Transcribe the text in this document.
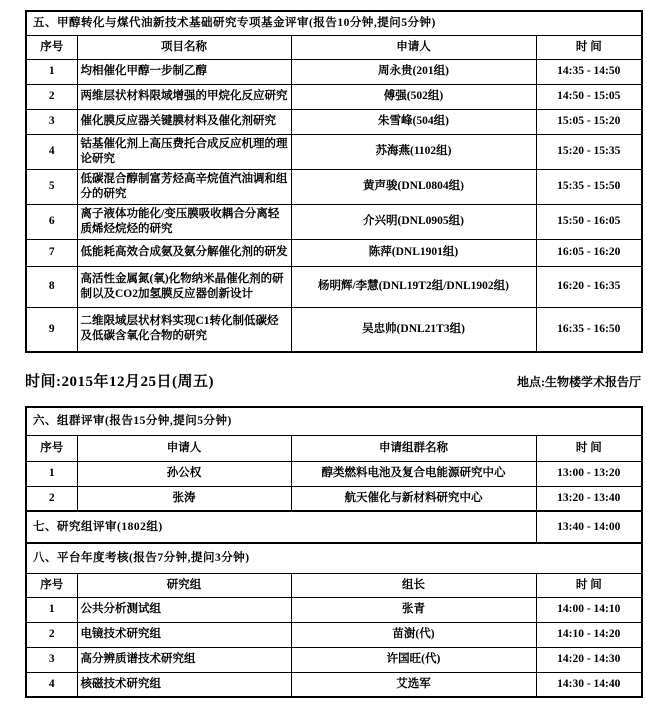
五、甲醇转化与煤代油新技术基础研究专项基金评审(报告10分钟,提问5分钟)			
序号	项目名称	申请人	时 间
1	均相催化甲醇一步制乙醇	周永贵(201组)	14:35 - 14:50
2	两维层状材料限域增强的甲烷化反应研究	傅强(502组)	14:50 - 15:05
3	催化膜反应器关键膜材料及催化剂研究	朱雪峰(504组)	15:05 - 15:20
4	钴基催化剂上高压费托合成反应机理的理论研究	苏海燕(1102组)	15:20 - 15:35
5	低碳混合醇制富芳烃高辛烷值汽油调和组分的研究	黄声骏(DNL0804组)	15:35 - 15:50
6	离子液体功能化/变压膜吸收耦合分离轻质烯烃烷烃的研究	介兴明(DNL0905组)	15:50 - 16:05
7	低能耗高效合成氨及氨分解催化剂的研发	陈萍(DNL1901组)	16:05 - 16:20
8	高活性金属氮(氧)化物纳米晶催化剂的研制以及CO2加氢膜反应器创新设计	杨明辉/李慧(DNL19T2组/DNL1902组)	16:20 - 16:35
9	二维限域层状材料实现C1转化制低碳烃及低碳含氧化合物的研究	吴忠帅(DNL21T3组)	16:35 - 16:50
时间:2015年12月25日(周五)	地点:生物楼学术报告厅
六、组群评审(报告15分钟,提问5分钟)			
序号	申请人	申请组群名称	时 间
1	孙公权	醇类燃料电池及复合电能源研究中心	13:00 - 13:20
2	张涛	航天催化与新材料研究中心	13:20 - 13:40
七、研究组评审(1802组)			13:40 - 14:00
八、平台年度考核(报告7分钟,提问3分钟)			
序号	研究组	组长	时 间
1	公共分析测试组	张青	14:00 - 14:10
2	电镜技术研究组	苗澍(代)	14:10 - 14:20
3	高分辨质谱技术研究组	许国旺(代)	14:20 - 14:30
4	核磁技术研究组	艾选军	14:30 - 14:40
